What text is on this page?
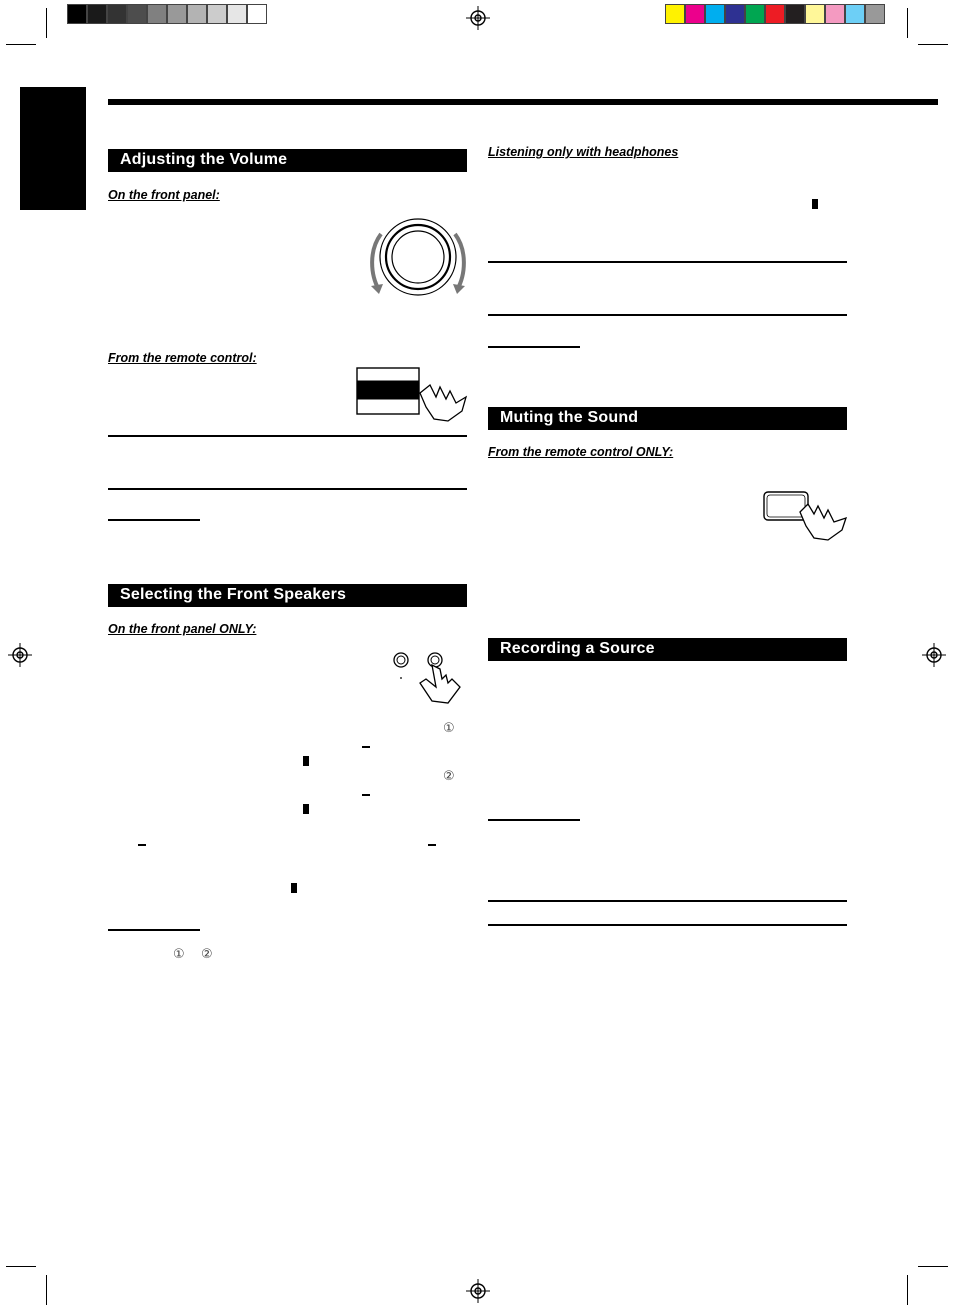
Adjusting the Volume
On the front panel:
From the remote control:
Selecting the Front Speakers
On the front panel ONLY:
①
②
① ②
Listening only with headphones
Muting the Sound
From the remote control ONLY:
Recording a Source
